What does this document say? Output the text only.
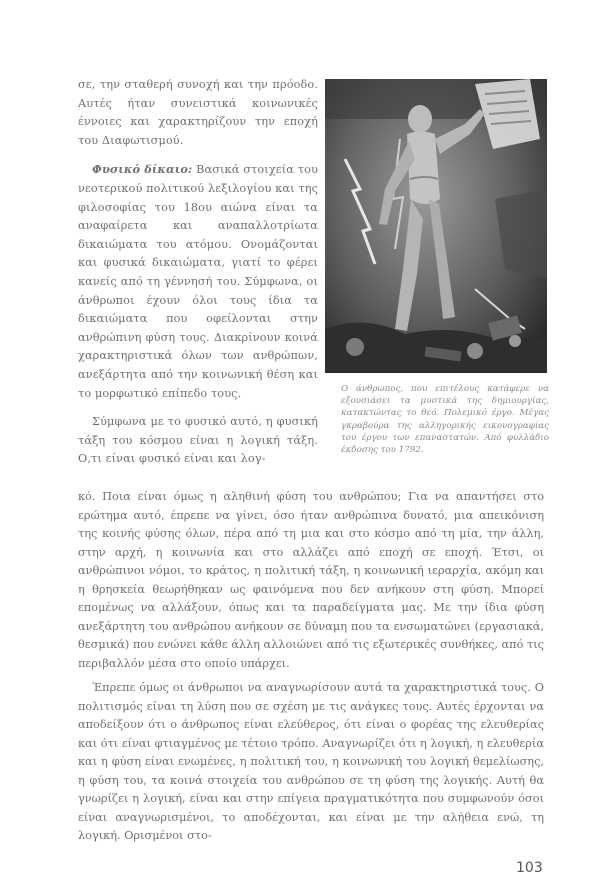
σε, την σταθερή συνοχή και την πρόοδο. Αυτές ήταν συνειστικά κοινωνικές έννοιες και χαρακτηρίζουν την εποχή του Διαφωτισμού.

Φυσικό δίκαιο: Βασικά στοιχεία του νεοτερικού πολιτικού λεξιλογίου και της φιλοσοφίας του 18ου αιώνα είναι τα αναφαίρετα και αναπαλλοτρίωτα δικαιώματα του ατόμου. Ονομάζονται και φυσικά δικαιώματα, γιατί το φέρει κανείς από τη γέννησή του. Σύμφωνα, οι άνθρωποι έχουν όλοι τους ίδια τα δικαιώματα που οφείλονται στην ανθρώπινη φύση τους. Διακρίνουν κοινά χαρακτηριστικά όλων των ανθρώπων, ανεξάρτητα από την κοινωνική θέση και το μορφωτικό επίπεδο τους.

Σύμφωνα με το φυσικό αυτό, η φυσική τάξη του κόσμου είναι η λογική τάξη. Ο,τι είναι φυσικό είναι και λογ-

Ο άνθρωπος, που επιτέλους κατάφερε να εξουσιάσει τα μυστικά της δημιουργίας, κατακτώντας το θεό. Πολεμικό έργο. Μέγας γκραβούρα της αλληγορικής εικονογραφίας του έργου των επαναστατών. Από φυλλάδιο έκδοσης του 1792.

κό. Ποια είναι όμως η αληθινή φύση του ανθρώπου; Για να απαντήσει στο ερώτημα αυτό, έπρεπε να γίνει, όσο ήταν ανθρώπινα δυνατό, μια απεικόνιση της κοινής φύσης όλων, πέρα από τη μια και στο κόσμο από τη μία, την άλλη, στην αρχή, η κοινωνία και στο αλλάζει από εποχή σε εποχή. Έτσι, οι ανθρώπινοι νόμοι, το κράτος, η πολιτική τάξη, η κοινωνική ιεραρχία, ακόμη και η θρησκεία θεωρήθηκαν ως φαινόμενα που δεν ανήκουν στη φύση. Μπορεί επομένως να αλλάξουν, όπως και τα παραδείγματα μας. Με την ίδια φύση ανεξάρτητη του ανθρώπου ανήκουν σε δύναμη που τα ενσωματώνει (εργασιακά, θεσμικά) που ενώνει κάθε άλλη αλλοιώνει από τις εξωτερικές συνθήκες, από τις περιβαλλόν μέσα στο οποίο υπάρχει.

Έπρεπε όμως οι άνθρωποι να αναγνωρίσουν αυτά τα χαρακτηριστικά τους. Ο πολιτισμός είναι τη λύση που σε σχέση με τις ανάγκες τους. Αυτές έρχονται να αποδείξουν ότι ο άνθρωπος είναι ελεύθερος, ότι είναι ο φορέας της ελευθερίας και ότι είναι φτιαγμένος με τέτοιο τρόπο. Αναγνωρίζει ότι η λογική, η ελευθερία και η φύση είναι ενωμένες, η πολιτική του, η κοινωνική του λογική θεμελίωσης, η φύση του, τα κοινά στοιχεία του ανθρώπου σε τη φύση της λογικής. Αυτή θα γνωρίζει η λογική, είναι και στην επίγεια πραγματικότητα που συμφωνούν όσοι είναι αναγνωρισμένοι, το αποδέχονται, και είναι με την αλήθεια ενώ, τη λογική. Ορισμένοι στο-

103
